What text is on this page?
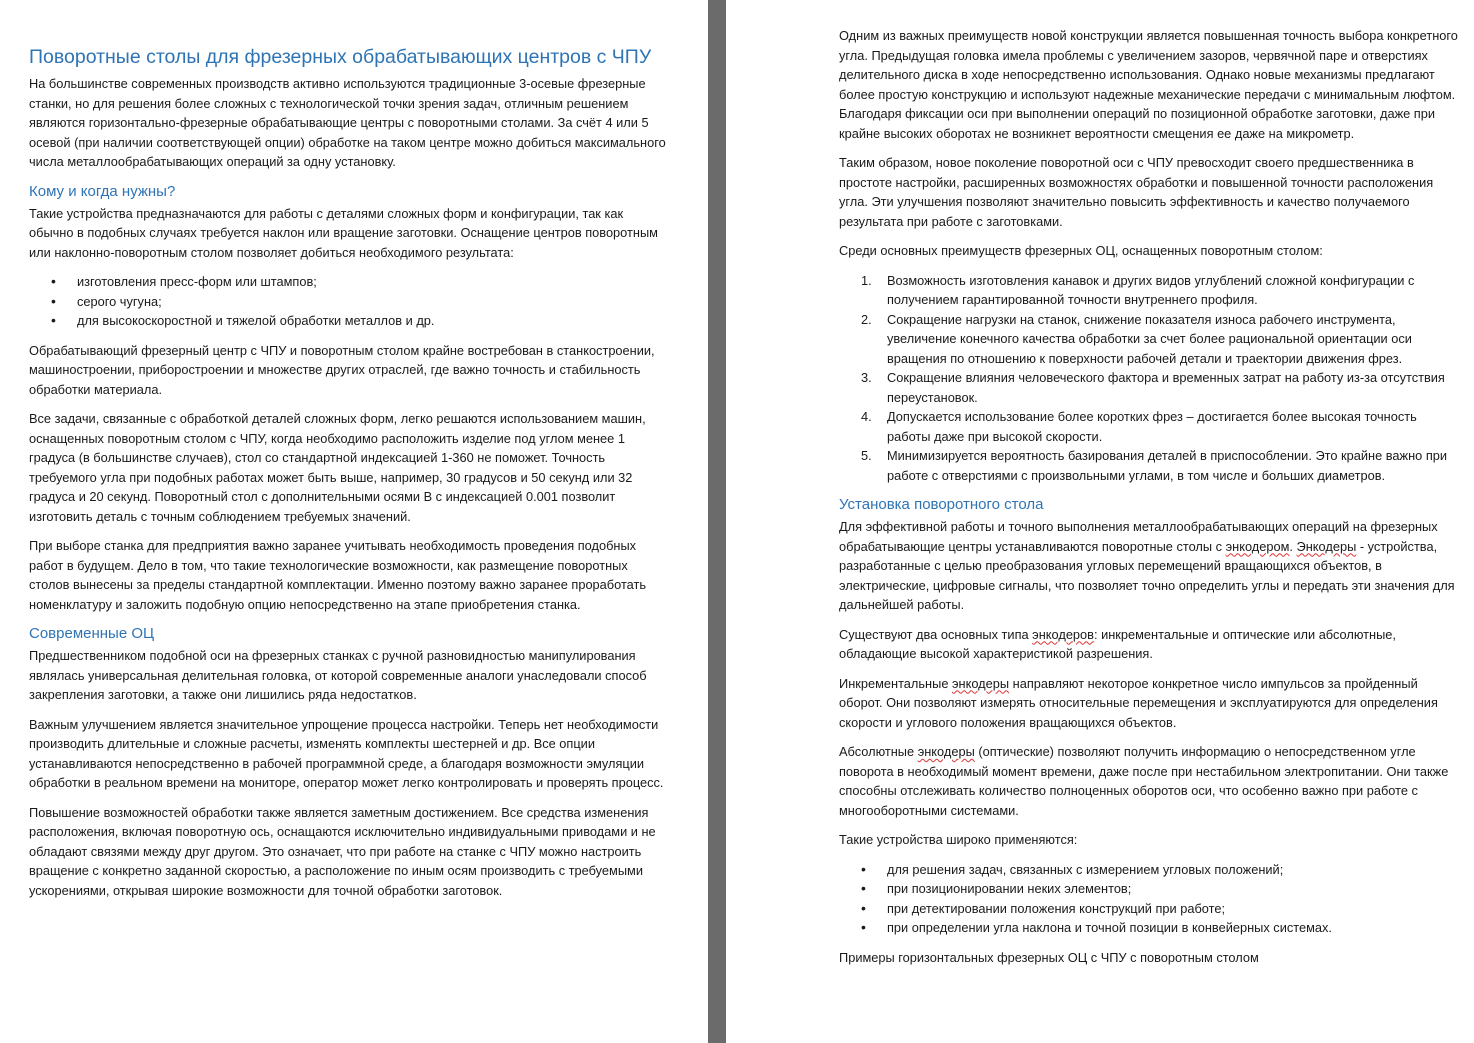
Поворотные столы для фрезерных обрабатывающих центров с ЧПУ

На большинстве современных производств активно используются традиционные 3-осевые фрезерные станки, но для решения более сложных с технологической точки зрения задач, отличным решением являются горизонтально-фрезерные обрабатывающие центры с поворотными столами. За счёт 4 или 5 осевой (при наличии соответствующей опции) обработке на таком центре можно добиться максимального числа металлообрабатывающих операций за одну установку.

Кому и когда нужны?

Такие устройства предназначаются для работы с деталями сложных форм и конфигурации, так как обычно в подобных случаях требуется наклон или вращение заготовки. Оснащение центров поворотным или наклонно-поворотным столом позволяет добиться необходимого результата:

• изготовления пресс-форм или штампов;
• серого чугуна;
• для высокоскоростной и тяжелой обработки металлов и др.

Обрабатывающий фрезерный центр с ЧПУ и поворотным столом крайне востребован в станкостроении, машиностроении, приборостроении и множестве других отраслей, где важно точность и стабильность обработки материала.

Все задачи, связанные с обработкой деталей сложных форм, легко решаются использованием машин, оснащенных поворотным столом с ЧПУ, когда необходимо расположить изделие под углом менее 1 градуса (в большинстве случаев), стол со стандартной индексацией 1-360 не поможет. Точность требуемого угла при подобных работах может быть выше, например, 30 градусов и 50 секунд или 32 градуса и 20 секунд. Поворотный стол с дополнительными осями В с индексацией 0.001 позволит изготовить деталь с точным соблюдением требуемых значений.

При выборе станка для предприятия важно заранее учитывать необходимость проведения подобных работ в будущем. Дело в том, что такие технологические возможности, как размещение поворотных столов вынесены за пределы стандартной комплектации. Именно поэтому важно заранее проработать номенклатуру и заложить подобную опцию непосредственно на этапе приобретения станка.

Современные ОЦ

Предшественником подобной оси на фрезерных станках с ручной разновидностью манипулирования являлась универсальная делительная головка, от которой современные аналоги унаследовали способ закрепления заготовки, а также они лишились ряда недостатков.

Важным улучшением является значительное упрощение процесса настройки. Теперь нет необходимости производить длительные и сложные расчеты, изменять комплекты шестерней и др. Все опции устанавливаются непосредственно в рабочей программной среде, а благодаря возможности эмуляции обработки в реальном времени на мониторе, оператор может легко контролировать и проверять процесс.

Повышение возможностей обработки также является заметным достижением. Все средства изменения расположения, включая поворотную ось, оснащаются исключительно индивидуальными приводами и не обладают связями между друг другом. Это означает, что при работе на станке с ЧПУ можно настроить вращение с конкретно заданной скоростью, а расположение по иным осям производить с требуемыми ускорениями, открывая широкие возможности для точной обработки заготовок.

Одним из важных преимуществ новой конструкции является повышенная точность выбора конкретного угла. Предыдущая головка имела проблемы с увеличением зазоров, червячной паре и отверстиях делительного диска в ходе непосредственно использования. Однако новые механизмы предлагают более простую конструкцию и используют надежные механические передачи с минимальным люфтом. Благодаря фиксации оси при выполнении операций по позиционной обработке заготовки, даже при крайне высоких оборотах не возникнет вероятности смещения ее даже на микрометр.

Таким образом, новое поколение поворотной оси с ЧПУ превосходит своего предшественника в простоте настройки, расширенных возможностях обработки и повышенной точности расположения угла. Эти улучшения позволяют значительно повысить эффективность и качество получаемого результата при работе с заготовками.

Среди основных преимуществ фрезерных ОЦ, оснащенных поворотным столом:

1. Возможность изготовления канавок и других видов углублений сложной конфигурации с получением гарантированной точности внутреннего профиля.
2. Сокращение нагрузки на станок, снижение показателя износа рабочего инструмента, увеличение конечного качества обработки за счет более рациональной ориентации оси вращения по отношению к поверхности рабочей детали и траектории движения фрез.
3. Сокращение влияния человеческого фактора и временных затрат на работу из-за отсутствия переустановок.
4. Допускается использование более коротких фрез – достигается более высокая точность работы даже при высокой скорости.
5. Минимизируется вероятность базирования деталей в приспособлении. Это крайне важно при работе с отверстиями с произвольными углами, в том числе и больших диаметров.
Установка поворотного стола

Для эффективной работы и точного выполнения металлообрабатывающих операций на фрезерных обрабатывающие центры устанавливаются поворотные столы с энкодером. Энкодеры - устройства, разработанные с целью преобразования угловых перемещений вращающихся объектов, в электрические, цифровые сигналы, что позволяет точно определить углы и передать эти значения для дальнейшей работы.

Существуют два основных типа энкодеров: инкрементальные и оптические или абсолютные, обладающие высокой характеристикой разрешения.

Инкрементальные энкодеры направляют некоторое конкретное число импульсов за пройденный оборот. Они позволяют измерять относительные перемещения и эксплуатируются для определения скорости и углового положения вращающихся объектов.

Абсолютные энкодеры (оптические) позволяют получить информацию о непосредственном угле поворота в необходимый момент времени, даже после при нестабильном электропитании. Они также способны отслеживать количество полноценных оборотов оси, что особенно важно при работе с многооборотными системами.

Такие устройства широко применяются:

• для решения задач, связанных с измерением угловых положений;
• при позиционировании неких элементов;
• при детектировании положения конструкций при работе;
• при определении угла наклона и точной позиции в конвейерных системах.

Примеры горизонтальных фрезерных ОЦ с ЧПУ с поворотным столом
